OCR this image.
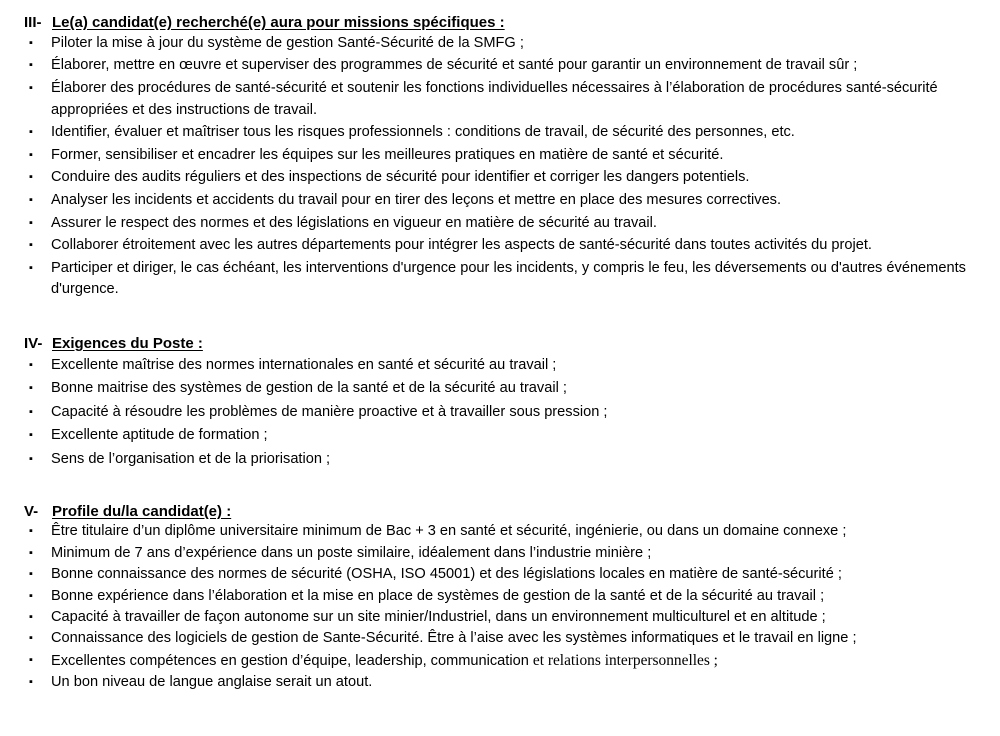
III- Le(a) candidat(e) recherché(e) aura pour missions spécifiques :
▪ Piloter la mise à jour du système de gestion Santé-Sécurité de la SMFG ;
▪ Élaborer, mettre en œuvre et superviser des programmes de sécurité et santé pour garantir un environnement de travail sûr ;
▪ Élaborer des procédures de santé-sécurité et soutenir les fonctions individuelles nécessaires à l’élaboration de procédures santé-sécurité appropriées et des instructions de travail.
▪ Identifier, évaluer et maîtriser tous les risques professionnels : conditions de travail, de sécurité des personnes, etc.
▪ Former, sensibiliser et encadrer les équipes sur les meilleures pratiques en matière de santé et sécurité.
▪ Conduire des audits réguliers et des inspections de sécurité pour identifier et corriger les dangers potentiels.
▪ Analyser les incidents et accidents du travail pour en tirer des leçons et mettre en place des mesures correctives.
▪ Assurer le respect des normes et des législations en vigueur en matière de sécurité au travail.
▪ Collaborer étroitement avec les autres départements pour intégrer les aspects de santé-sécurité dans toutes activités du projet.
▪ Participer et diriger, le cas échéant, les interventions d'urgence pour les incidents, y compris le feu, les déversements ou d'autres événements d'urgence.
IV- Exigences du Poste :
▪ Excellente maîtrise des normes internationales en santé et sécurité au travail ;
▪ Bonne maitrise des systèmes de gestion de la santé et de la sécurité au travail ;
▪ Capacité à résoudre les problèmes de manière proactive et à travailler sous pression ;
▪ Excellente aptitude de formation ;
▪ Sens de l’organisation et de la priorisation ;
V- Profile du/la candidat(e) :
▪ Être titulaire d’un diplôme universitaire minimum de Bac + 3 en santé et sécurité, ingénierie, ou dans un domaine connexe ;
▪ Minimum de 7 ans d’expérience dans un poste similaire, idéalement dans l’industrie minière ;
▪ Bonne connaissance des normes de sécurité (OSHA, ISO 45001) et des législations locales en matière de santé-sécurité ;
▪ Bonne expérience dans l’élaboration et la mise en place de systèmes de gestion de la santé et de la sécurité au travail ;
▪ Capacité à travailler de façon autonome sur un site minier/Industriel, dans un environnement multiculturel et en altitude ;
▪ Connaissance des logiciels de gestion de Sante-Sécurité. Être à l’aise avec les systèmes informatiques et le travail en ligne ;
▪ Excellentes compétences en gestion d’équipe, leadership, communication et relations interpersonnelles ;
▪ Un bon niveau de langue anglaise serait un atout.
